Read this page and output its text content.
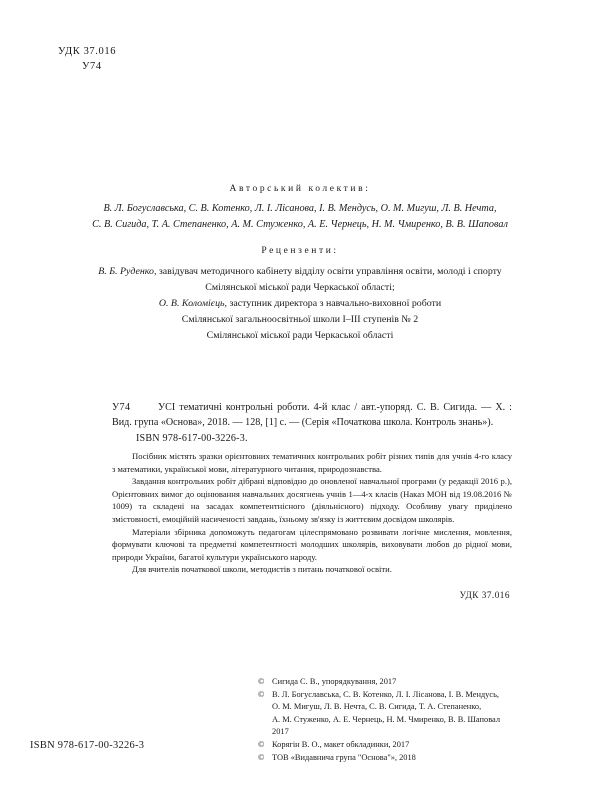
УДК 37.016
У74
Авторський колектив:
В. Л. Богуславська, С. В. Котенко, Л. І. Лісанова, І. В. Мендусь, О. М. Мигуш, Л. В. Нечта,
С. В. Сигида, Т. А. Степаненко, А. М. Стуженко, А. Е. Чернець, Н. М. Чмиренко, В. В. Шаповал
Рецензенти:
В. Б. Руденко, завідувач методичного кабінету відділу освіти управління освіти, молоді і спорту
Смілянської міської ради Черкаської області;
О. В. Коломієць, заступник директора з навчально-виховної роботи
Смілянської загальноосвітньої школи І–ІІІ ступенів № 2
Смілянської міської ради Черкаської області
У74	УСІ тематичні контрольні роботи. 4-й клас / авт.-упоряд. С. В. Сигида. — Х. : Вид. група «Основа», 2018. — 128, [1] с. — (Серія «Початкова школа. Контроль знань»).
ISBN 978-617-00-3226-3.

Посібник містять зразки орієнтовних тематичних контрольних робіт різних типів для учнів 4-го класу з математики, української мови, літературного читання, природознавства.

Завдання контрольних робіт дібрані відповідно до оновленої навчальної програми (у редакції 2016 р.), Орієнтовних вимог до оцінювання навчальних досягнень учнів 1—4-х класів (Наказ МОН від 19.08.2016 № 1009) та складені на засадах компетентнісного (діяльнісного) підходу. Особливу увагу приділено змістовності, емоційній насиченості завдань, їхньому зв'язку із життєвим досвідом школярів.

Матеріали збірника допоможуть педагогам цілеспрямовано розвивати логічне мислення, мовлення, формувати ключові та предметні компетентності молодших школярів, виховувати любов до рідної мови, природи України, багатої культури українського народу.

Для вчителів початкової школи, методистів з питань початкової освіти.

УДК 37.016
© Сигида С. В., упорядкування, 2017
© В. Л. Богуславська, С. В. Котенко, Л. І. Лісанова, І. В. Мендусь,
О. М. Мигуш, Л. В. Нечта, С. В. Сигида, Т. А. Степаненко,
А. М. Стуженко, А. Е. Чернець, Н. М. Чмиренко, В. В. Шаповал
2017
© Корягін В. О., макет обкладинки, 2017
© ТОВ «Видавнича група "Основа"», 2018
ISBN 978-617-00-3226-3
